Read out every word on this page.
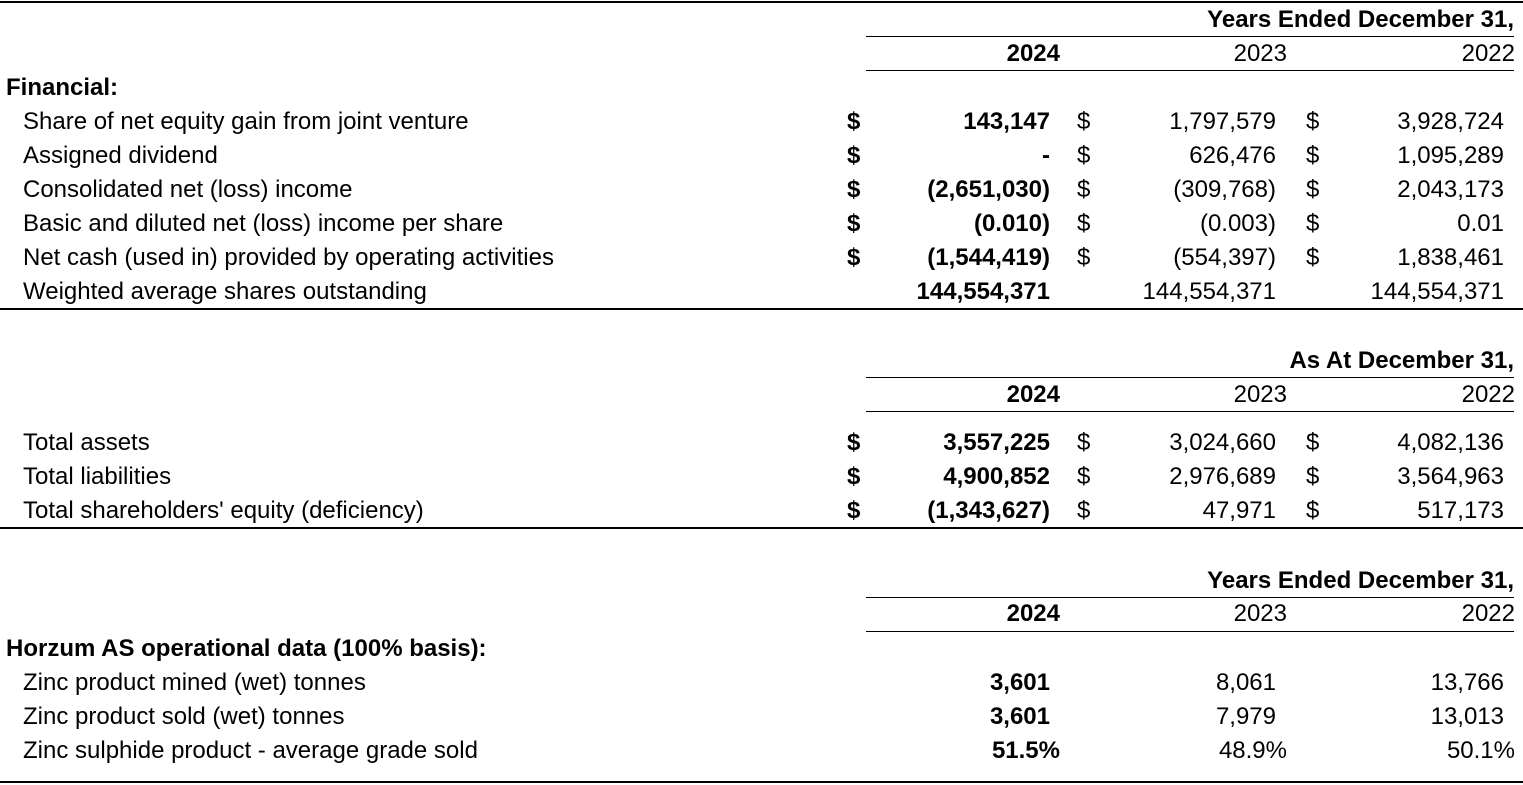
Years Ended December 31,
2024	2023	2022
Financial:
Share of net equity gain from joint venture	$	143,147 $	1,797,579 $	3,928,724
Assigned dividend	$	- $	626,476 $	1,095,289
Consolidated net (loss) income	$	(2,651,030) $	(309,768) $	2,043,173
Basic and diluted net (loss) income per share	$	(0.010) $	(0.003) $	0.01
Net cash (used in) provided by operating activities	$	(1,544,419) $	(554,397) $	1,838,461
Weighted average shares outstanding	144,554,371	144,554,371	144,554,371
As At December 31,
2024	2023	2022
Total assets	$	3,557,225 $	3,024,660 $	4,082,136
Total liabilities	$	4,900,852 $	2,976,689 $	3,564,963
Total shareholders' equity (deficiency)	$	(1,343,627) $	47,971 $	517,173
Years Ended December 31,
2024	2023	2022
Horzum AS operational data (100% basis):
Zinc product mined (wet) tonnes	3,601	8,061	13,766
Zinc product sold (wet) tonnes	3,601	7,979	13,013
Zinc sulphide product - average grade sold	51.5%	48.9%	50.1%
